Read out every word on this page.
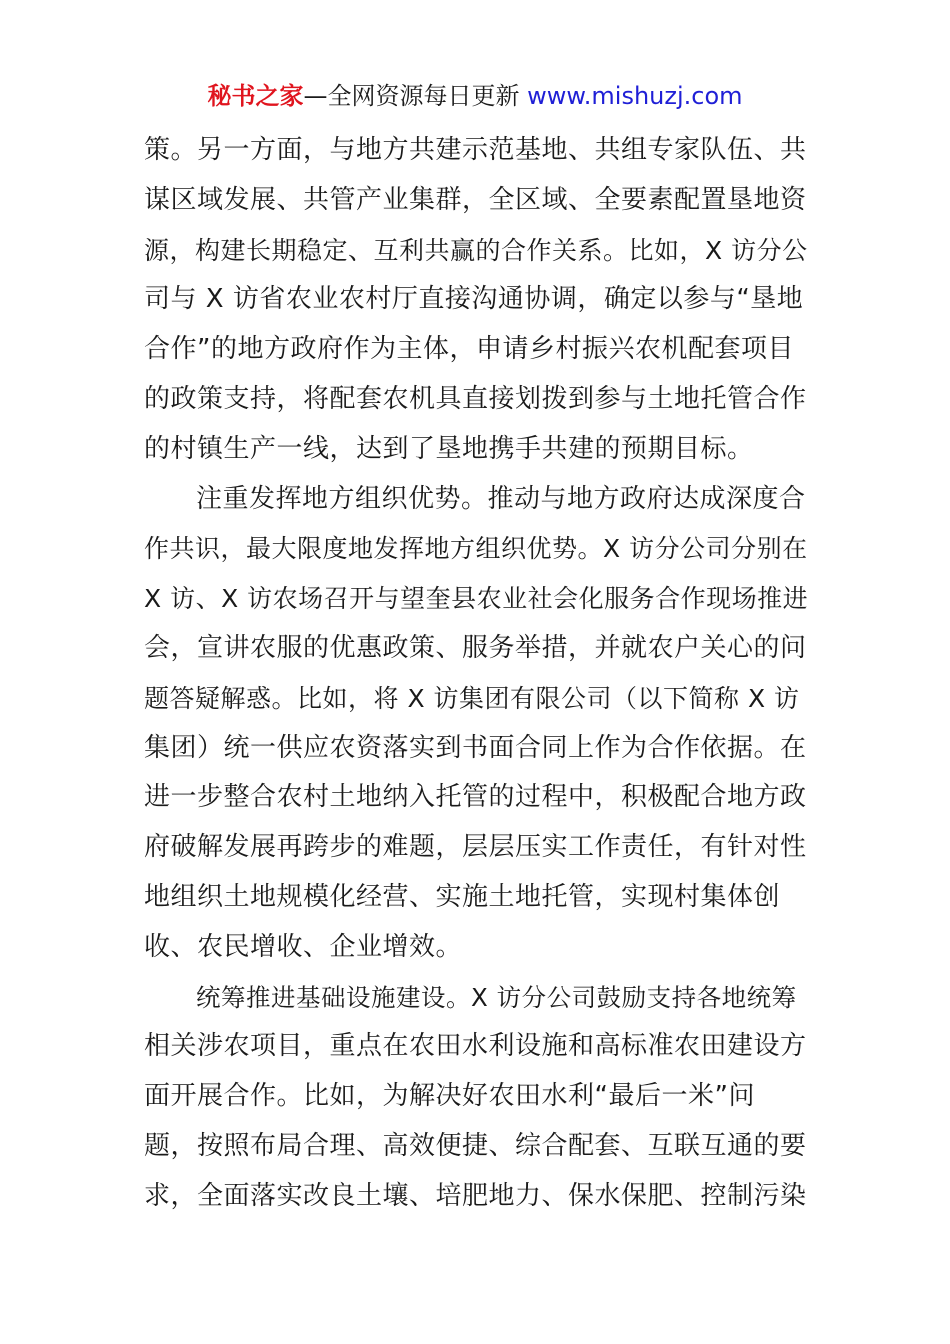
秘书之家—全网资源每日更新 www.mishuzj.com
策。另一方面，与地方共建示范基地、共组专家队伍、共
谋区域发展、共管产业集群，全区域、全要素配置垦地资
源，构建长期稳定、互利共赢的合作关系。比如，X 访分公
司与 X 访省农业农村厅直接沟通协调，确定以参与“垦地
合作”的地方政府作为主体，申请乡村振兴农机配套项目
的政策支持，将配套农机具直接划拨到参与土地托管合作
的村镇生产一线，达到了垦地携手共建的预期目标。
注重发挥地方组织优势。推动与地方政府达成深度合
作共识，最大限度地发挥地方组织优势。X 访分公司分别在
X 访、X 访农场召开与望奎县农业社会化服务合作现场推进
会，宣讲农服的优惠政策、服务举措，并就农户关心的问
题答疑解惑。比如，将 X 访集团有限公司（以下简称 X 访
集团）统一供应农资落实到书面合同上作为合作依据。在
进一步整合农村土地纳入托管的过程中，积极配合地方政
府破解发展再跨步的难题，层层压实工作责任，有针对性
地组织土地规模化经营、实施土地托管，实现村集体创
收、农民增收、企业增效。
统筹推进基础设施建设。X 访分公司鼓励支持各地统筹
相关涉农项目，重点在农田水利设施和高标准农田建设方
面开展合作。比如，为解决好农田水利“最后一米”问
题，按照布局合理、高效便捷、综合配套、互联互通的要
求，全面落实改良土壤、培肥地力、保水保肥、控制污染
